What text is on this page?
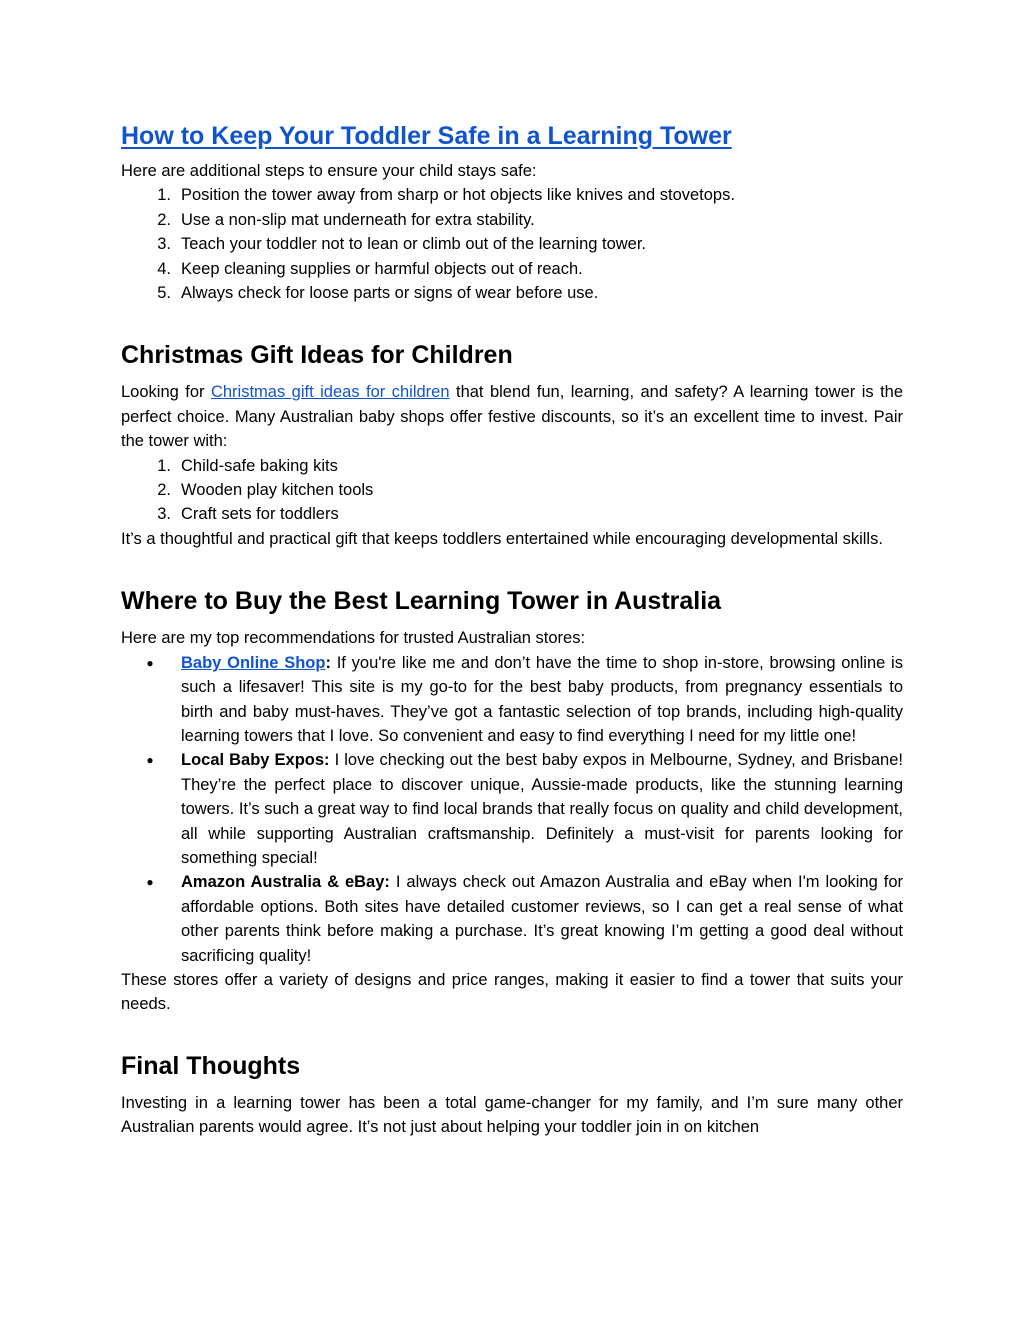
How to Keep Your Toddler Safe in a Learning Tower

Here are additional steps to ensure your child stays safe:

1. Position the tower away from sharp or hot objects like knives and stovetops.
2. Use a non-slip mat underneath for extra stability.
3. Teach your toddler not to lean or climb out of the learning tower.
4. Keep cleaning supplies or harmful objects out of reach.
5. Always check for loose parts or signs of wear before use.
Christmas Gift Ideas for Children

Looking for Christmas gift ideas for children that blend fun, learning, and safety? A learning tower is the perfect choice. Many Australian baby shops offer festive discounts, so it’s an excellent time to invest. Pair the tower with:

1. Child-safe baking kits
2. Wooden play kitchen tools
3. Craft sets for toddlers

It’s a thoughtful and practical gift that keeps toddlers entertained while encouraging developmental skills.

Where to Buy the Best Learning Tower in Australia

Here are my top recommendations for trusted Australian stores:

●	Baby Online Shop: If you're like me and don’t have the time to shop in-store, browsing online is such a lifesaver! This site is my go-to for the best baby products, from pregnancy essentials to birth and baby must-haves. They’ve got a fantastic selection of top brands, including high-quality learning towers that I love. So convenient and easy to find everything I need for my little one!
●	Local Baby Expos: I love checking out the best baby expos in Melbourne, Sydney, and Brisbane! They’re the perfect place to discover unique, Aussie-made products, like the stunning learning towers. It’s such a great way to find local brands that really focus on quality and child development, all while supporting Australian craftsmanship. Definitely a must-visit for parents looking for something special!
●	Amazon Australia & eBay: I always check out Amazon Australia and eBay when I'm looking for affordable options. Both sites have detailed customer reviews, so I can get a real sense of what other parents think before making a purchase. It’s great knowing I’m getting a good deal without sacrificing quality!

These stores offer a variety of designs and price ranges, making it easier to find a tower that suits your needs.

Final Thoughts

Investing in a learning tower has been a total game-changer for my family, and I’m sure many other Australian parents would agree. It’s not just about helping your toddler join in on kitchen
